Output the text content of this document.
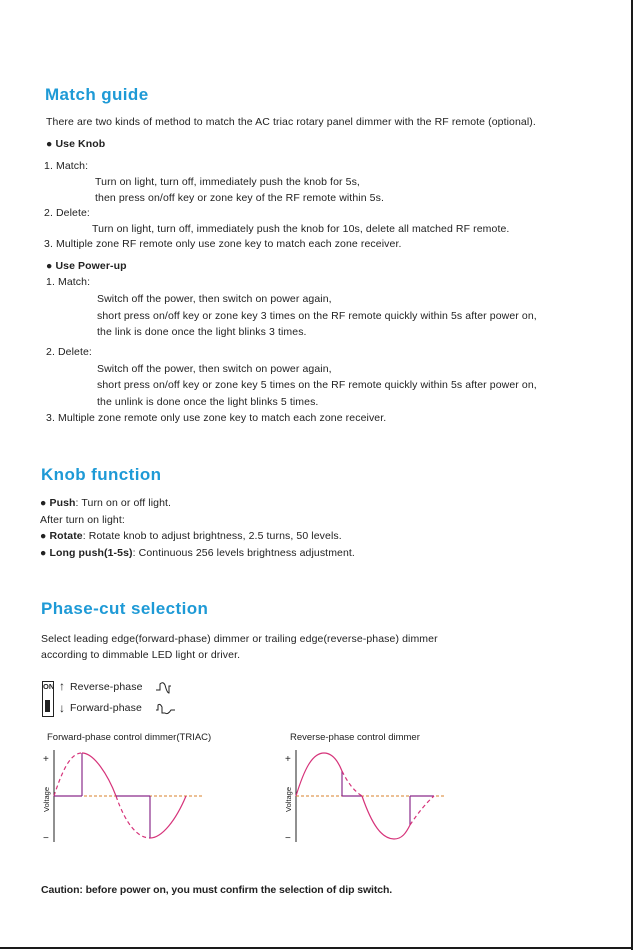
Match guide
There are two kinds of method to match the AC triac rotary panel dimmer with the RF remote (optional).
● Use Knob
1. Match:
Turn on light, turn off, immediately push the knob for 5s,
then press on/off key or zone key of the RF remote within 5s.
2. Delete:
Turn on light, turn off, immediately push the knob for 10s, delete all matched RF remote.
3. Multiple zone RF remote only use zone key to match each zone receiver.
● Use Power-up
1. Match:
Switch off the power, then switch on power again,
short press on/off key or zone key 3 times on the RF remote quickly within 5s after power on,
the link is done once the light blinks 3 times.
2. Delete:
Switch off the power, then switch on power again,
short press on/off key or zone key 5 times on the RF remote quickly within 5s after power on,
the unlink is done once the light blinks 5 times.
3. Multiple zone remote only use zone key to match each zone receiver.
Knob function
● Push: Turn on or off light.
After turn on light:
● Rotate: Rotate knob to adjust brightness, 2.5 turns, 50 levels.
● Long push(1-5s): Continuous 256 levels brightness adjustment.
Phase-cut selection
Select leading edge(forward-phase) dimmer or trailing edge(reverse-phase) dimmer
according to dimmable LED light or driver.
ON ↑ Reverse-phase
↓ Forward-phase
Forward-phase control dimmer(TRIAC)	Reverse-phase control dimmer
+
−
Voltage
+
−
Voltage
Caution: before power on, you must confirm the selection of dip switch.
